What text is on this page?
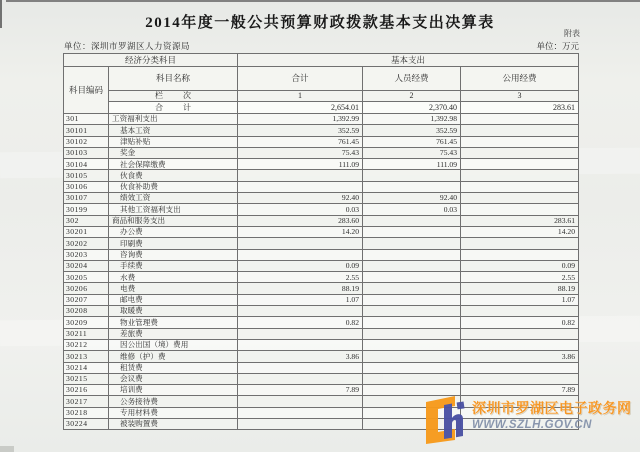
2014年度一般公共预算财政拨款基本支出决算表
附表
单位：深圳市罗湖区人力资源局	单位：万元
经济分类科目		基本支出		
科目编码	科目名称	合计	人员经费	公用经费
	栏 次	1	2	3
	合 计	2,654.01	2,370.40	283.61
301	工资福利支出	1,392.99	1,392.98	
30101	基本工资	352.59	352.59	
30102	津贴补贴	761.45	761.45	
30103	奖金	75.43	75.43	
30104	社会保障缴费	111.09	111.09	
30105	伙食费			
30106	伙食补助费			
30107	绩效工资	92.40	92.40	
30199	其他工资福利支出	0.03	0.03	
302	商品和服务支出	283.60		283.61
30201	办公费	14.20		14.20
30202	印刷费			
30203	咨询费			
30204	手续费	0.09		0.09
30205	水费	2.55		2.55
30206	电费	88.19		88.19
30207	邮电费	1.07		1.07
30208	取暖费			
30209	物业管理费	0.82		0.82
30211	差旅费			
30212	因公出国（境）费用			
30213	维修（护）费	3.86		3.86
30214	租赁费			
30215	会议费			
30216	培训费	7.89		7.89
30217	公务接待费			
30218	专用材料费			
30224	被装购置费			
深圳市罗湖区电子政务网
WWW.SZLH.GOV.CN
